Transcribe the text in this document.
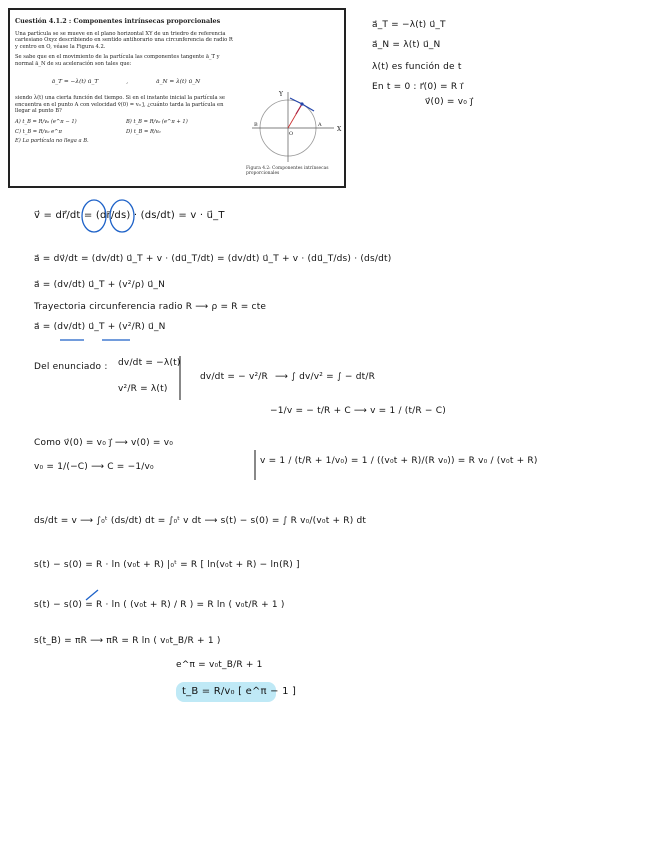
Cuestión 4.1.2 : Componentes intrínsecas proporcionales

Una partícula se se mueve en el plano horizontal XY de un triedro de referencia cartesiano Oxyz describiendo en sentido antihorario una circunferencia de radio R y centro en O, véase la Figura 4.2.

Se sabe que en el movimiento de la partícula las componentes tangente ā_T y normal ā_N de su aceleración son tales que:

ā_T = −λ(t) ū_T	,	ā_N = λ(t) ū_N

siendo λ(t) una cierta función del tiempo. Si en el instante inicial la partícula se encuentra en el punto A con velocidad v̄(0) = v₀ j̄, ¿cuánto tarda la partícula en llegar al punto B?

A) t_B = R/v₀ (e^π − 1)	B) t_B = R/v₀ (e^π + 1)
C) t_B = R/v₀ e^π	D) t_B = R/v₀
E) La partícula no llega a B.
Y
X
A
B
O
Figura 4.2: Componentes intrínsecas proporcionales
a⃗_T = −λ(t) u⃗_T
a⃗_N = λ(t) u⃗_N
λ(t) es función de t
En t = 0 : r⃗(0) = R i⃗
v⃗(0) = v₀ j⃗
v⃗ = dr⃗/dt = (dr⃗/ds) · (ds/dt) = v · u⃗_T
a⃗ = dv⃗/dt = (dv/dt) u⃗_T + v · (du⃗_T/dt) = (dv/dt) u⃗_T + v · (du⃗_T/ds) · (ds/dt)
a⃗ = (dv/dt) u⃗_T + (v²/ρ) u⃗_N
Trayectoria circunferencia radio R ⟶ ρ = R = cte
a⃗ = (dv/dt) u⃗_T + (v²/R) u⃗_N
Del enunciado : dv/dt = −λ(t)
v²/R = λ(t)
dv/dt = − v²/R ⟶ ∫ dv/v² = ∫ − dt/R
−1/v = − t/R + C ⟶ v = 1 / (t/R − C)
Como v⃗(0) = v₀ j⃗ ⟶ v(0) = v₀
v₀ = 1/(−C) ⟶ C = −1/v₀
v = 1 / (t/R + 1/v₀) = 1 / ((v₀t + R)/(R v₀)) = R v₀ / (v₀t + R)
ds/dt = v ⟶ ∫₀ᵗ (ds/dt) dt = ∫₀ᵗ v dt ⟶ s(t) − s(0) = ∫ R v₀/(v₀t + R) dt
s(t) − s(0) = R · ln (v₀t + R) |₀ᵗ = R [ ln(v₀t + R) − ln(R) ]
s(t) − s(0) = R · ln ( (v₀t + R) / R ) = R ln ( v₀t/R + 1 )
s(t_B) = πR ⟶ πR = R ln ( v₀t_B/R + 1 )
e^π = v₀t_B/R + 1
t_B = R/v₀ [ e^π − 1 ]
